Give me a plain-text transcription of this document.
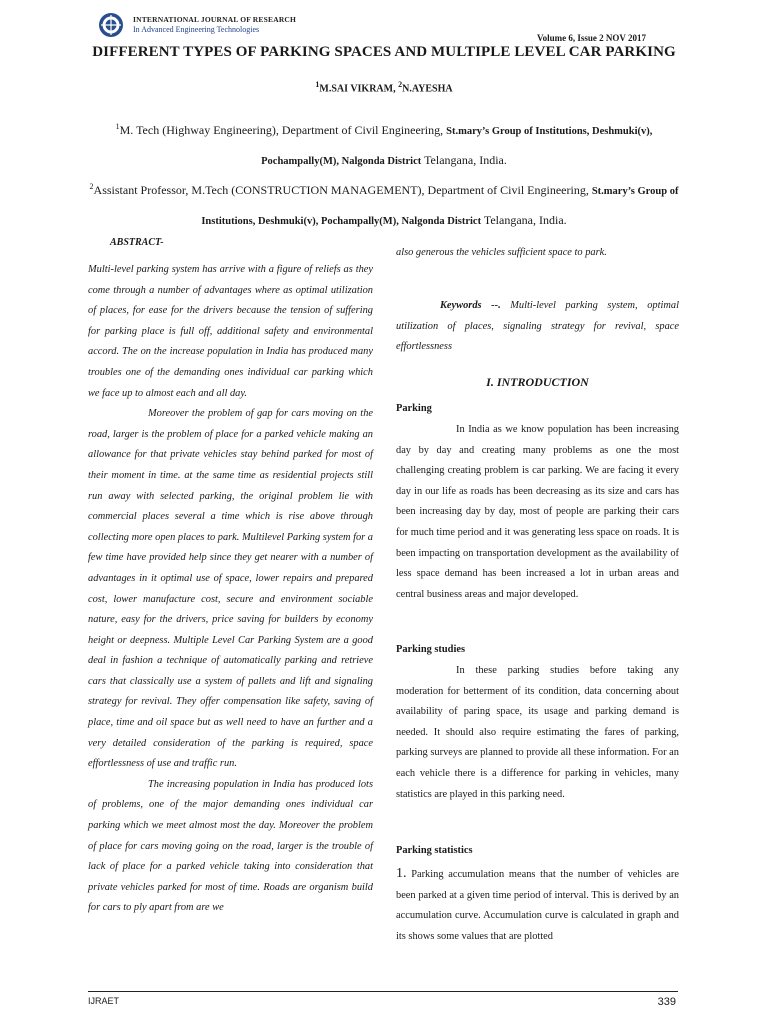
INTERNATIONAL JOURNAL OF RESEARCH
In Advanced Engineering Technologies
Volume 6, Issue 2 NOV 2017
DIFFERENT TYPES OF PARKING SPACES AND MULTIPLE LEVEL CAR PARKING
$^1$M.SAI VIKRAM, $^2$N.AYESHA
$^1$M. Tech (Highway Engineering), Department of Civil Engineering, St.mary’s Group of Institutions, Deshmuki(v),
Pochampally(M), Nalgonda District Telangana, India.
$^2$Assistant Professor, M.Tech (CONSTRUCTION MANAGEMENT), Department of Civil Engineering, St.mary’s Group of
Institutions, Deshmuki(v), Pochampally(M), Nalgonda District Telangana, India.
ABSTRACT-

Multi-level parking system has arrive with a figure of reliefs as they come through a number of advantages where as optimal utilization of places, for ease for the drivers because the tension of suffering for parking place is full off, additional safety and environmental accord. The on the increase population in India has produced many troubles one of the demanding ones individual car parking which we face up to almost each and all day.

Moreover the problem of gap for cars moving on the road, larger is the problem of place for a parked vehicle making an allowance for that private vehicles stay behind parked for most of their moment in time. at the same time as residential projects still run away with selected parking, the original problem lie with commercial places several a time which is rise above through collecting more open places to park. Multilevel Parking system for a few time have provided help since they get nearer with a number of advantages in it optimal use of space, lower repairs and prepared cost, lower manufacture cost, secure and environment sociable nature, easy for the drivers, price saving for builders by economy height or deepness. Multiple Level Car Parking System are a good deal in fashion a technique of automatically parking and retrieve cars that classically use a system of pallets and lift and signaling strategy for revival. They offer compensation like safety, saving of place, time and oil space but as well need to have an further and a very detailed consideration of the parking is required, space effortlessness of use and traffic run.

The increasing population in India has produced lots of problems, one of the major demanding ones individual car parking which we meet almost most the day. Moreover the problem of place for cars moving going on the road, larger is the trouble of lack of place for a parked vehicle taking into consideration that private vehicles parked for most of time. Roads are organism build for cars to ply apart from are we

also generous the vehicles sufficient space to park.
Keywords --. Multi-level parking system, optimal utilization of places, signaling strategy for revival, space effortlessness
I. INTRODUCTION
Parking

In India as we know population has been increasing day by day and creating many problems as one the most challenging creating problem is car parking. We are facing it every day in our life as roads has been decreasing as its size and cars has been increasing day by day, most of people are parking their cars for much time period and it was generating less space on roads. It is been impacting on transportation development as the availability of less space demand has been increased a lot in urban areas and central business areas and major developed.

Parking studies

In these parking studies before taking any moderation for betterment of its condition, data concerning about availability of paring space, its usage and parking demand is needed. It should also require estimating the fares of parking, parking surveys are planned to provide all these information. For an each vehicle there is a difference for parking in vehicles, many statistics are played in this parking need.

Parking statistics

1. Parking accumulation means that the number of vehicles are been parked at a given time period of interval. This is derived by an accumulation curve. Accumulation curve is calculated in graph and its shows some values that are plotted

IJRAET	339
